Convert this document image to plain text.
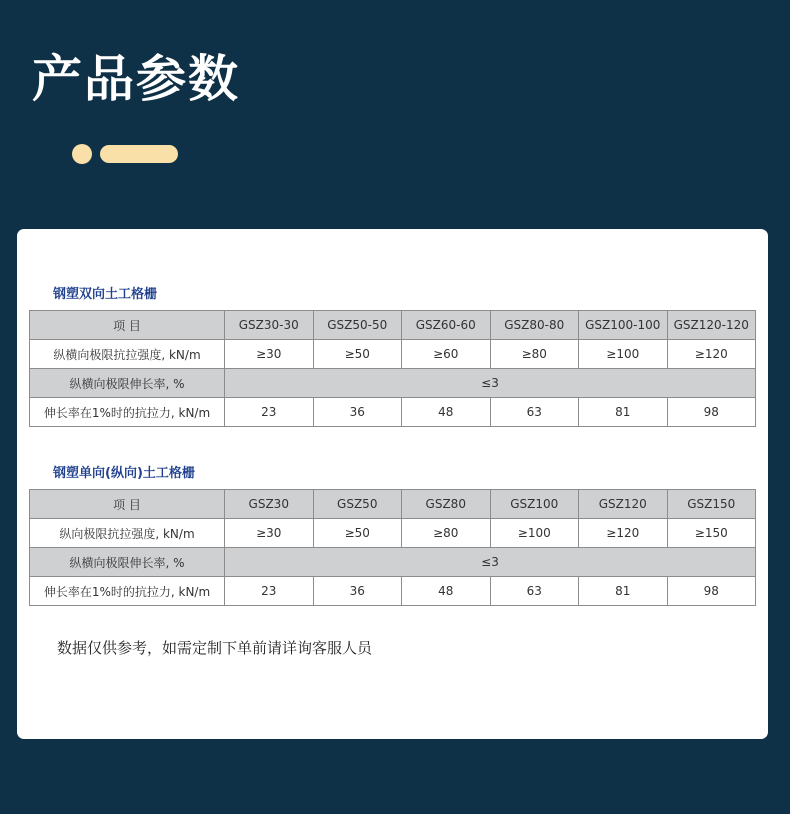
产品参数
钢塑双向土工格栅
项 目	GSZ30-30	GSZ50-50	GSZ60-60	GSZ80-80	GSZ100-100	GSZ120-120
纵横向极限抗拉强度, kN/m	≥30	≥50	≥60	≥80	≥100	≥120
纵横向极限伸长率, %	≤3					
伸长率在1%时的抗拉力, kN/m	23	36	48	63	81	98
钢塑单向(纵向)土工格栅
项 目	GSZ30	GSZ50	GSZ80	GSZ100	GSZ120	GSZ150
纵向极限抗拉强度, kN/m	≥30	≥50	≥80	≥100	≥120	≥150
纵横向极限伸长率, %	≤3					
伸长率在1%时的抗拉力, kN/m	23	36	48	63	81	98
数据仅供参考，如需定制下单前请详询客服人员
